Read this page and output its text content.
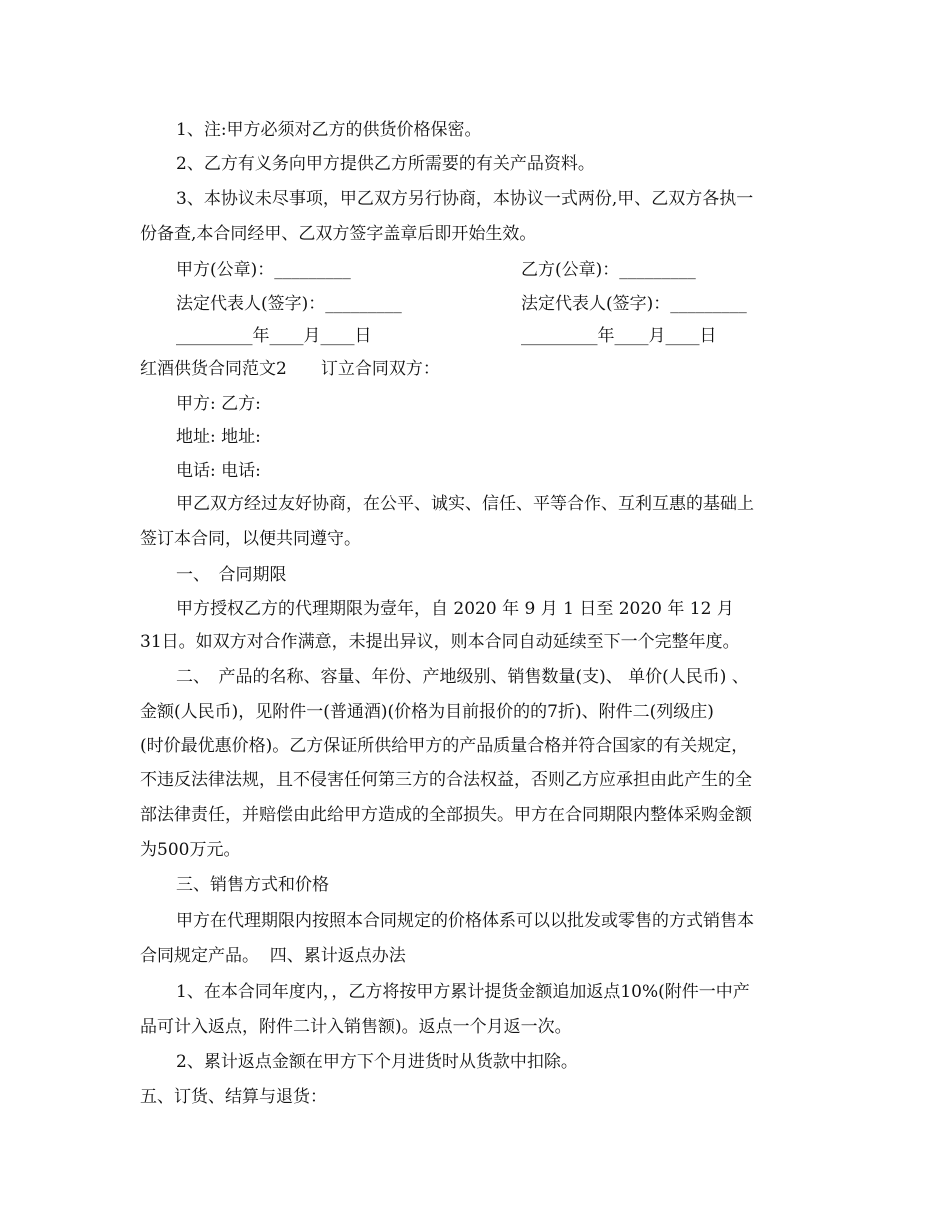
1、注:甲方必须对乙方的供货价格保密。
2、乙方有义务向甲方提供乙方所需要的有关产品资料。
3、本协议未尽事项，甲乙双方另行协商，本协议一式两份,甲、乙双方各执一
份备查,本合同经甲、乙双方签字盖章后即开始生效。
甲方(公章)：_________	乙方(公章)：_________
法定代表人(签字)：_________	法定代表人(签字)：_________
_________年____月____日	_________年____月____日
红酒供货合同范文2　　订立合同双方：
甲方: 乙方:
地址: 地址:
电话: 电话:
甲乙双方经过友好协商，在公平、诚实、信任、平等合作、互利互惠的基础上
签订本合同，以便共同遵守。
一、　合同期限
甲方授权乙方的代理期限为壹年，自 2020 年 9 月 1 日至 2020 年 12 月
31日。如双方对合作满意，未提出异议，则本合同自动延续至下一个完整年度。
二、　产品的名称、容量、年份、产地级别、销售数量(支)、 单价(人民币) 、
金额(人民币)，见附件一(普通酒)(价格为目前报价的的7折)、附件二(列级庄)
(时价最优惠价格)。乙方保证所供给甲方的产品质量合格并符合国家的有关规定，
不违反法律法规，且不侵害任何第三方的合法权益，否则乙方应承担由此产生的全
部法律责任，并赔偿由此给甲方造成的全部损失。甲方在合同期限内整体采购金额
为500万元。
三、销售方式和价格
甲方在代理期限内按照本合同规定的价格体系可以以批发或零售的方式销售本
合同规定产品。  四、累计返点办法
1、在本合同年度内，，乙方将按甲方累计提货金额追加返点10%(附件一中产
品可计入返点，附件二计入销售额)。返点一个月返一次。
2、累计返点金额在甲方下个月进货时从货款中扣除。
五、订货、结算与退货：
